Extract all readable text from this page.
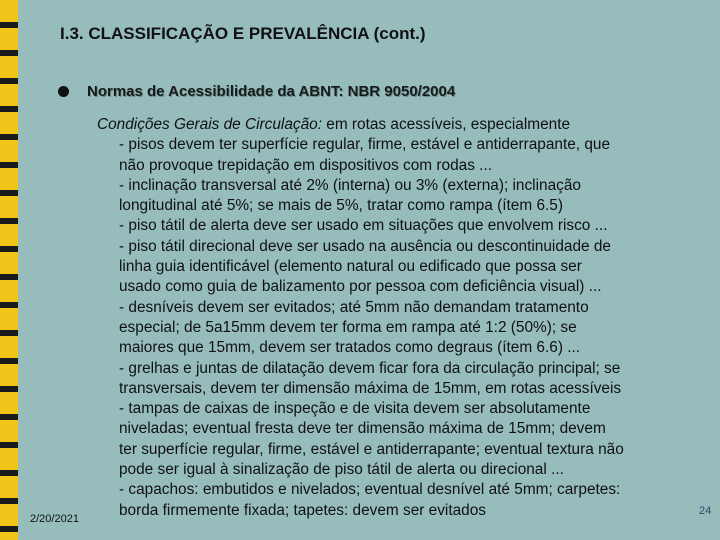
I.3. CLASSIFICAÇÃO E PREVALÊNCIA (cont.)
Normas de Acessibilidade da ABNT: NBR 9050/2004
Condições Gerais de Circulação: em rotas acessíveis, especialmente
- pisos devem ter superfície regular, firme, estável e antiderrapante, que
não provoque trepidação em dispositivos com rodas ...
- inclinação transversal até 2% (interna) ou 3% (externa); inclinação
longitudinal até 5%; se mais de 5%, tratar como rampa (ítem 6.5)
- piso tátil de alerta deve ser usado em situações que envolvem risco ...
- piso tátil direcional deve ser usado na ausência ou descontinuidade de
linha guia identificável (elemento natural ou edificado que possa ser
usado como guia de balizamento por pessoa com deficiência visual) ...
- desníveis devem ser evitados; até 5mm não demandam tratamento
especial; de 5a15mm devem ter forma em rampa até 1:2 (50%); se
maiores que 15mm, devem ser tratados como degraus (ítem 6.6) ...
- grelhas e juntas de dilatação devem ficar fora da circulação principal; se
transversais, devem ter dimensão máxima de 15mm, em rotas acessíveis
- tampas de caixas de inspeção e de visita devem ser absolutamente
niveladas; eventual fresta deve ter dimensão máxima de 15mm; devem
ter superfície regular, firme, estável e antiderrapante; eventual textura não
pode ser igual à sinalização de piso tátil de alerta ou direcional ...
- capachos: embutidos e nivelados; eventual desnível até 5mm; carpetes:
borda firmemente fixada; tapetes: devem ser evitados
2/20/2021
24
